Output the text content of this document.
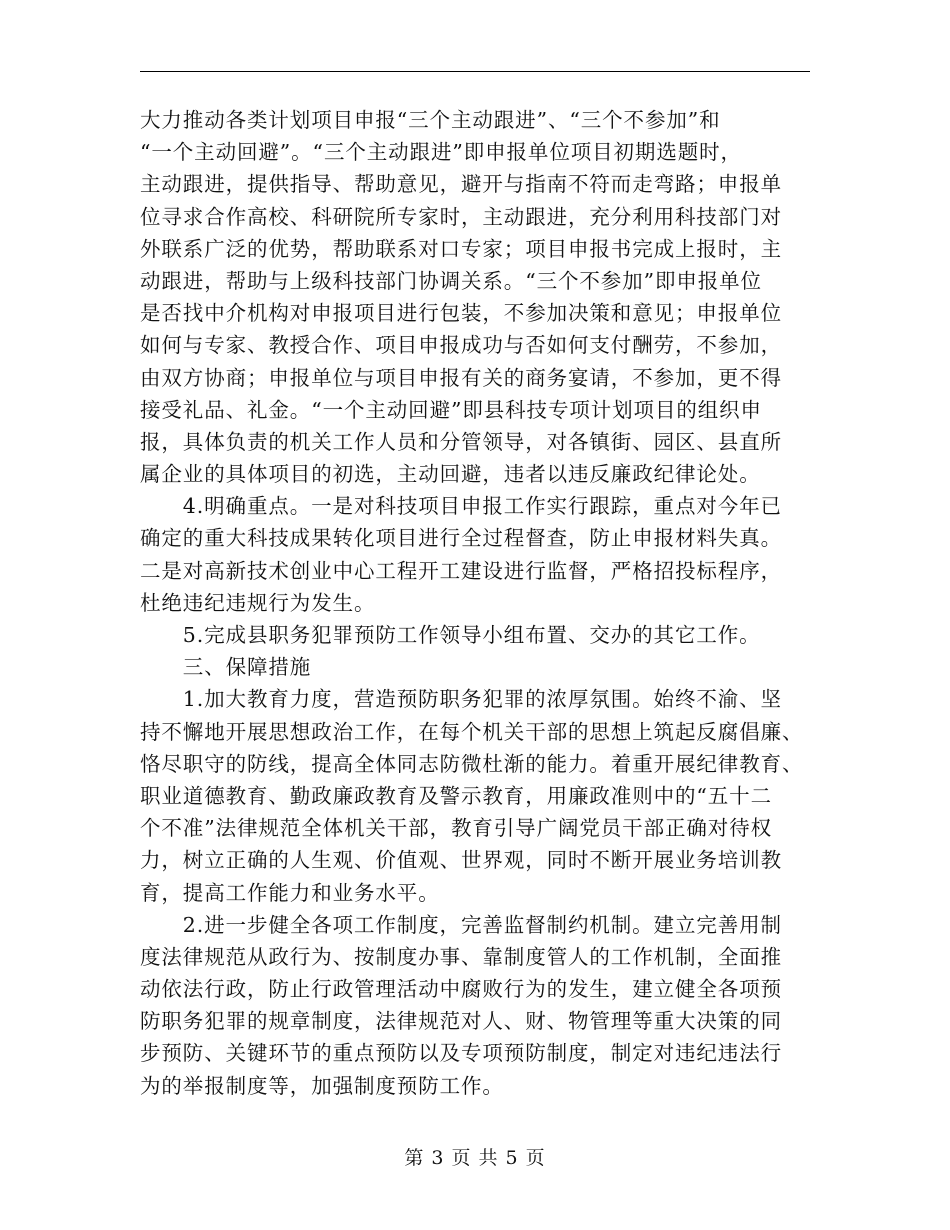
大力推动各类计划项目申报“三个主动跟进”、“三个不参加”和
“一个主动回避”。“三个主动跟进”即申报单位项目初期选题时，
主动跟进，提供指导、帮助意见，避开与指南不符而走弯路；申报单
位寻求合作高校、科研院所专家时，主动跟进，充分利用科技部门对
外联系广泛的优势，帮助联系对口专家；项目申报书完成上报时，主
动跟进，帮助与上级科技部门协调关系。“三个不参加”即申报单位
是否找中介机构对申报项目进行包装，不参加决策和意见；申报单位
如何与专家、教授合作、项目申报成功与否如何支付酬劳，不参加，
由双方协商；申报单位与项目申报有关的商务宴请，不参加，更不得
接受礼品、礼金。“一个主动回避”即县科技专项计划项目的组织申
报，具体负责的机关工作人员和分管领导，对各镇街、园区、县直所
属企业的具体项目的初选，主动回避，违者以违反廉政纪律论处。
　　4.明确重点。一是对科技项目申报工作实行跟踪，重点对今年已
确定的重大科技成果转化项目进行全过程督查，防止申报材料失真。
二是对高新技术创业中心工程开工建设进行监督，严格招投标程序，
杜绝违纪违规行为发生。
　　5.完成县职务犯罪预防工作领导小组布置、交办的其它工作。
　　三、保障措施
　　1.加大教育力度，营造预防职务犯罪的浓厚氛围。始终不渝、坚
持不懈地开展思想政治工作，在每个机关干部的思想上筑起反腐倡廉、
恪尽职守的防线，提高全体同志防微杜渐的能力。着重开展纪律教育、
职业道德教育、勤政廉政教育及警示教育，用廉政准则中的“五十二
个不准”法律规范全体机关干部，教育引导广阔党员干部正确对待权
力，树立正确的人生观、价值观、世界观，同时不断开展业务培训教
育，提高工作能力和业务水平。
　　2.进一步健全各项工作制度，完善监督制约机制。建立完善用制
度法律规范从政行为、按制度办事、靠制度管人的工作机制，全面推
动依法行政，防止行政管理活动中腐败行为的发生，建立健全各项预
防职务犯罪的规章制度，法律规范对人、财、物管理等重大决策的同
步预防、关键环节的重点预防以及专项预防制度，制定对违纪违法行
为的举报制度等，加强制度预防工作。
第 3 页 共 5 页
